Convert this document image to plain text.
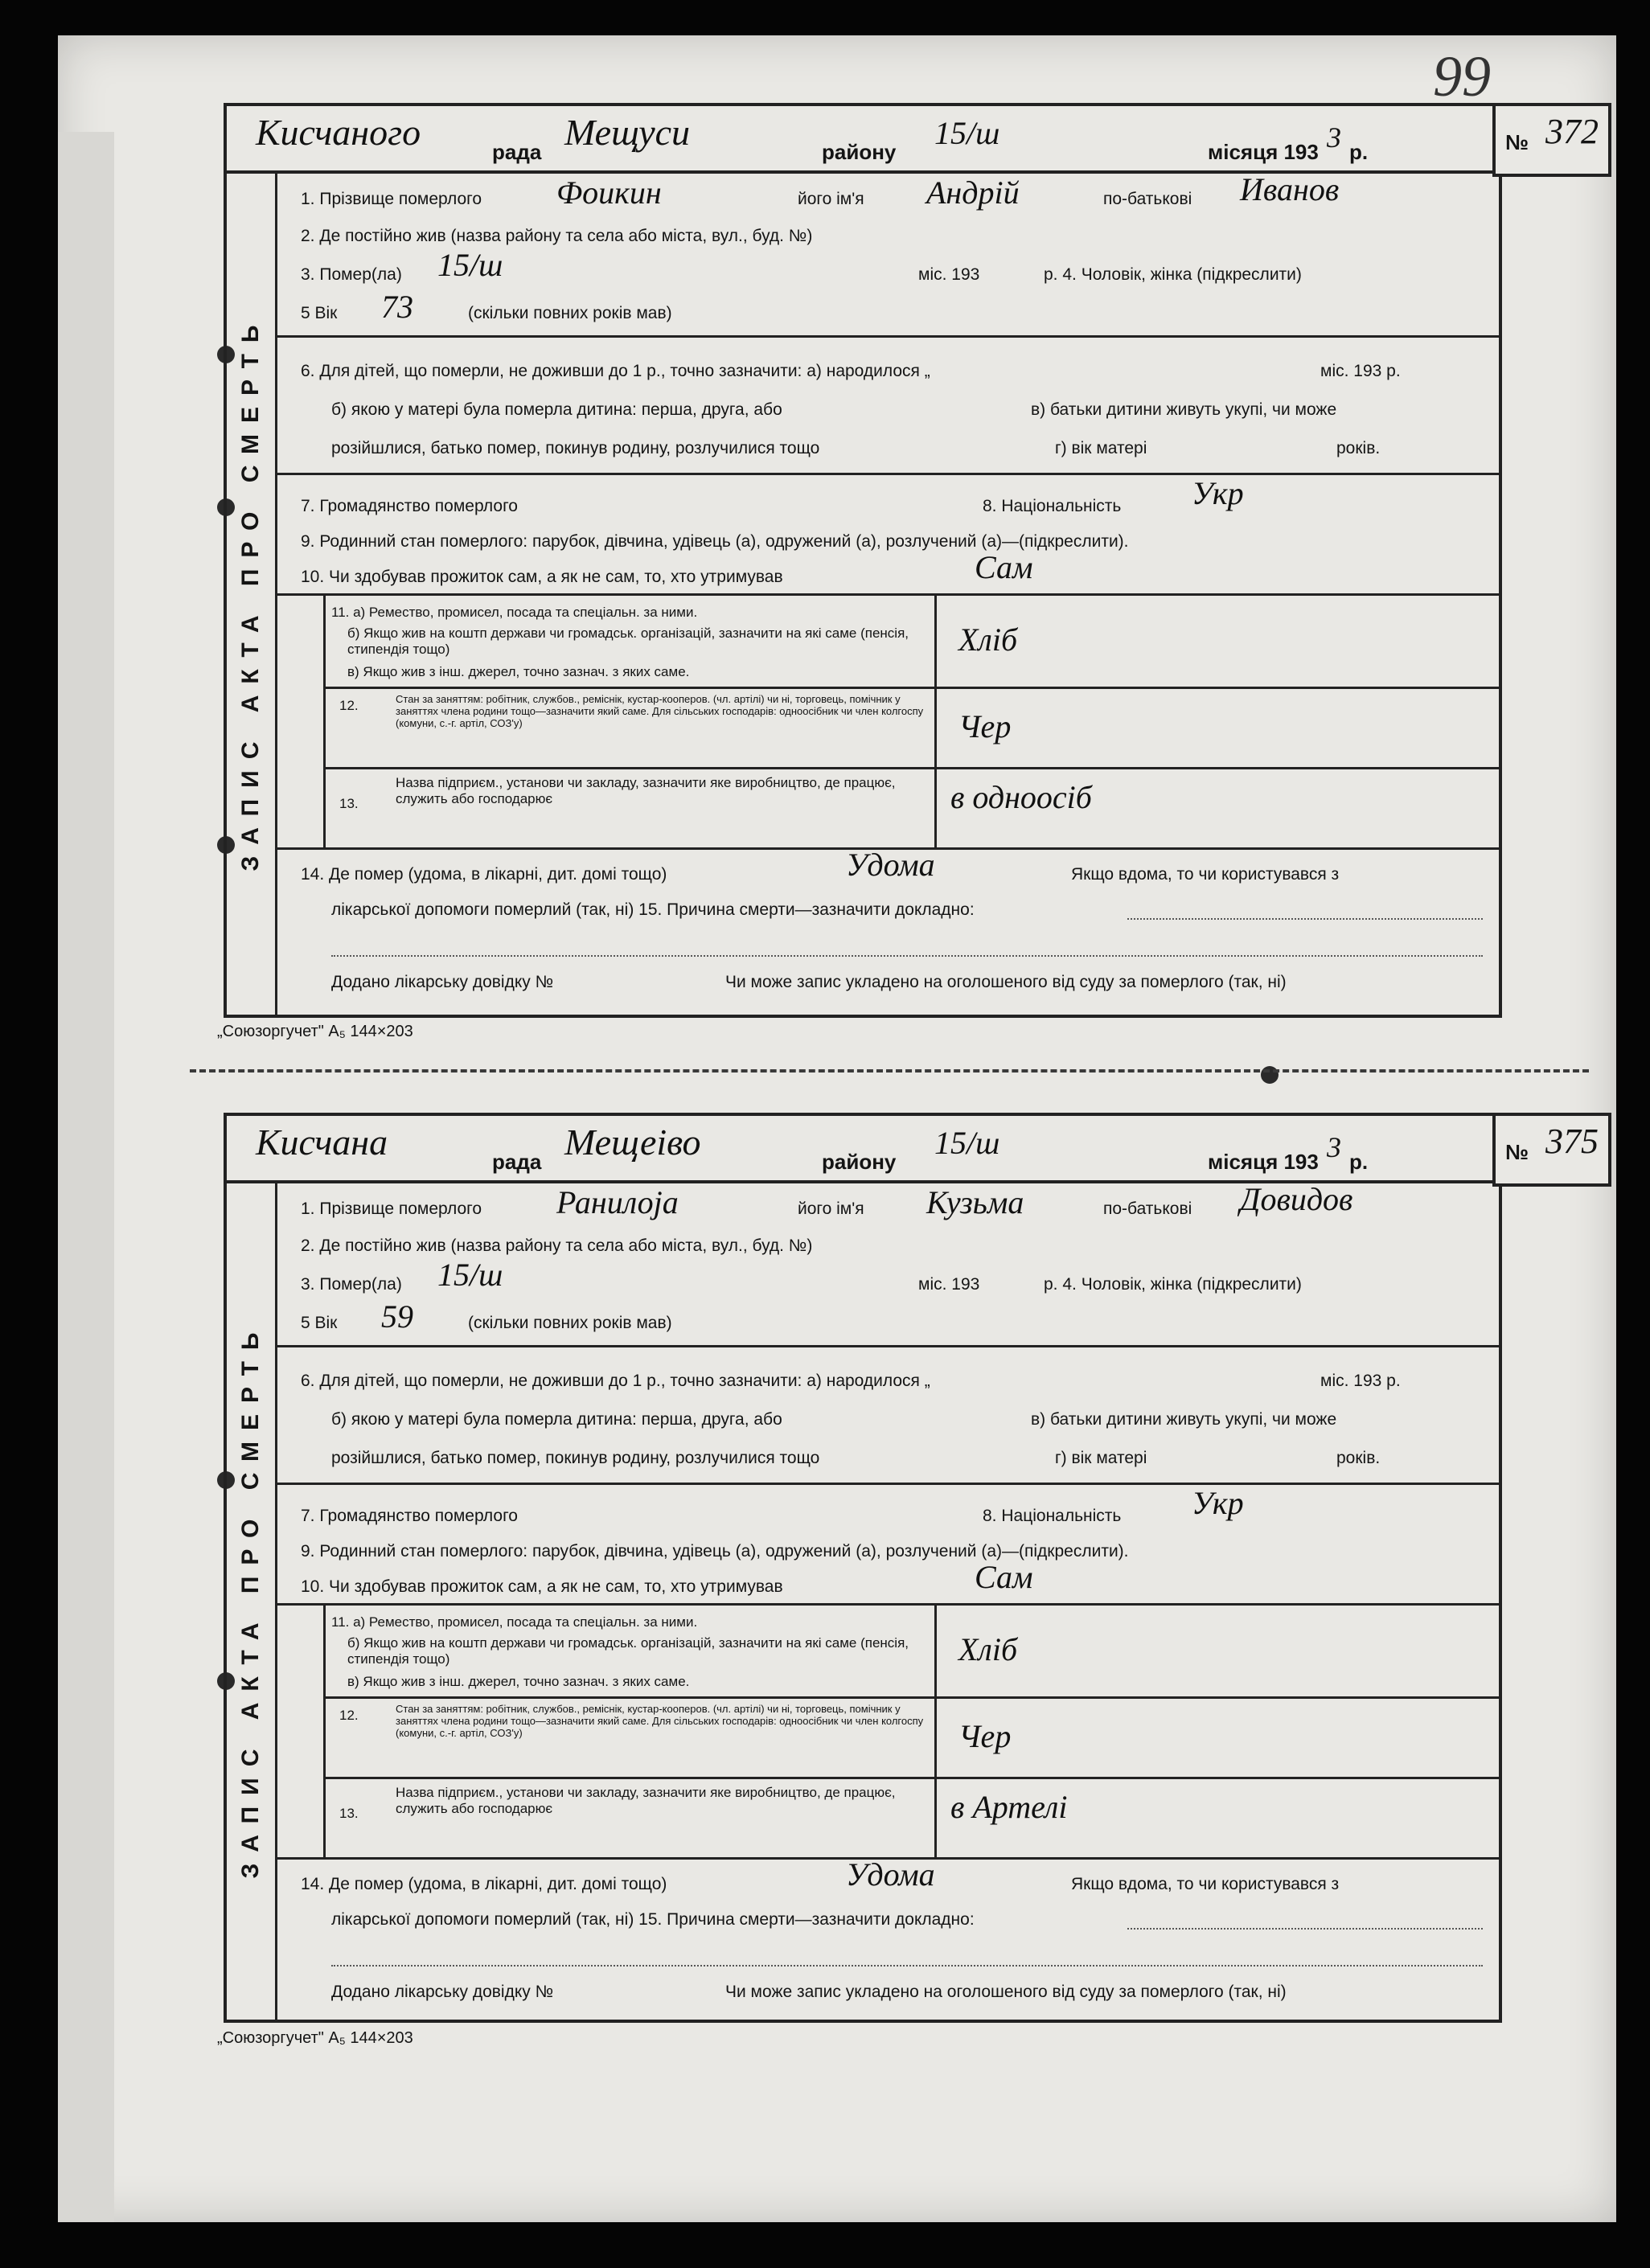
99
Кисчаного	рада Мещуси	району
15/ш
місяця 193 3 р.	№ 372
ЗАПИС АКТА ПРО СМЕРТЬ
1. Прізвище померлого Фоикин	його ім'я Андрiй	по-батькові Иванов
2. Де постійно жив (назва району та села або міста, вул., буд. №)
3. Помер(ла) 15/ш	міс. 193	р. 4. Чоловік, жінка (підкреслити)
5 Вік 73	(скільки повних років мав)
6. Для дітей, що померли, не доживши до 1 р., точно зазначити: а) народилося „	міс. 193 р.
б) якою у матері була померла дитина: перша, друга, або	в) батьки дитини живуть укупі, чи може
розійшлися, батько помер, покинув родину, розлучилися тощо	г) вік матері	років.
7. Громадянство померлого	8. Національність Укр
9. Родинний стан померлого: парубок, дівчина, удівець (а), одружений (а), розлучений (а)—(підкреслити).
10. Чи здобував прожиток сам, а як не сам, то, хто утримував	Сам
11. а) Ремество, промисел, посада та спеціальн. за ними.
б) Якщо жив на коштп держави чи громадськ. організацій, зазначити на які саме (пенсія, стипендія тощо)
в) Якщо жив з інш. джерел, точно зазнач. з яких саме.
Хлiб
12.	Стан за заняттям: робітник, службов., реміснік, кустар-кооперов. (чл. артілі) чи ні, торговець, помічник у заняттях члена родини тощо—зазначити який саме. Для сільських господарів: одноосібник чи член колгоспу (комуни, с.-г. артіл, СОЗ'у)	Чер
13.
Назва підприєм., установи чи закладу, зазначити яке виробництво, де працює, служить або господарює	в одноосiб
14. Де помер (удома, в лікарні, дит. домі тощо)	Удома	Якщо вдома, то чи користувався з
лікарської допомоги померлий (так, ні) 15. Причина смерти—зазначити докладно:
Додано лікарську довідку №	Чи може запис укладено на оголошеного від суду за померлого (так, ні)
„Союзоргучет" А₅ 144×203
Кисчана	рада Мещеiво	району
15/ш
місяця 193 3 р.	№ 375
ЗАПИС АКТА ПРО СМЕРТЬ
1. Прізвище померлого Ранилоja	його ім'я Кузьма	по-батькові Довидов
2. Де постійно жив (назва району та села або міста, вул., буд. №)
3. Помер(ла) 15/ш	міс. 193	р. 4. Чоловік, жінка (підкреслити)
5 Вік 59	(скільки повних років мав)
6. Для дітей, що померли, не доживши до 1 р., точно зазначити: а) народилося „	міс. 193 р.
б) якою у матері була померла дитина: перша, друга, або	в) батьки дитини живуть укупі, чи може
розійшлися, батько помер, покинув родину, розлучилися тощо	г) вік матері	років.
7. Громадянство померлого	8. Національність Укр
9. Родинний стан померлого: парубок, дівчина, удівець (а), одружений (а), розлучений (а)—(підкреслити).
10. Чи здобував прожиток сам, а як не сам, то, хто утримував	Сам
11. а) Ремество, промисел, посада та спеціальн. за ними.
б) Якщо жив на коштп держави чи громадськ. організацій, зазначити на які саме (пенсія, стипендія тощо)
в) Якщо жив з інш. джерел, точно зазнач. з яких саме.
Хлiб
12.	Стан за заняттям: робітник, службов., реміснік, кустар-кооперов. (чл. артілі) чи ні, торговець, помічник у заняттях члена родини тощо—зазначити який саме. Для сільських господарів: одноосібник чи член колгоспу (комуни, с.-г. артіл, СОЗ'у)	Чер
13.
Назва підприєм., установи чи закладу, зазначити яке виробництво, де працює, служить або господарює	в Артелi
14. Де помер (удома, в лікарні, дит. домі тощо)	Удома	Якщо вдома, то чи користувався з
лікарської допомоги померлий (так, ні) 15. Причина смерти—зазначити докладно:
Додано лікарську довідку №	Чи може запис укладено на оголошеного від суду за померлого (так, ні)
„Союзоргучет" А₅ 144×203
